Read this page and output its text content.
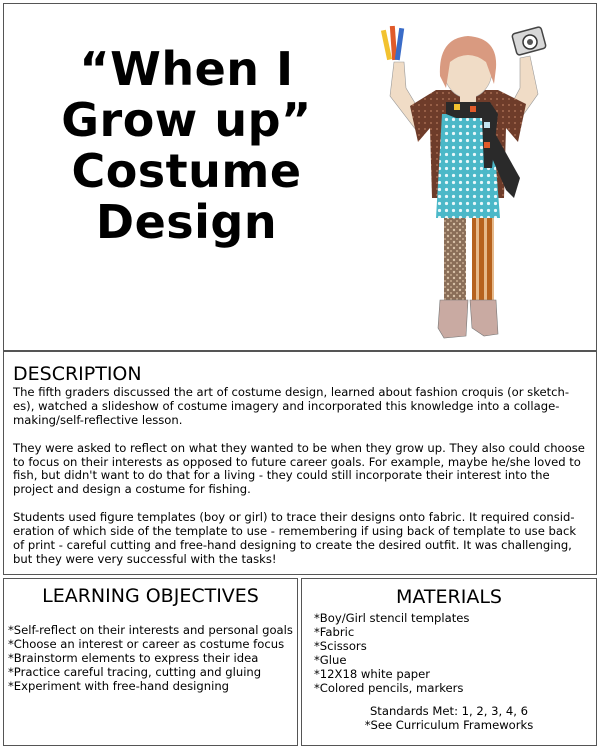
“When I
Grow up”
Costume
Design
DESCRIPTION

The fifth graders discussed the art of costume design, learned about fashion croquis (or sketch-es), watched a slideshow of costume imagery and incorporated this knowledge into a collage-making/self-reflective lesson.

They were asked to reflect on what they wanted to be when they grow up. They also could choose to focus on their interests as opposed to future career goals. For example, maybe he/she loved to fish, but didn't want to do that for a living - they could still incorporate their interest into the project and design a costume for fishing.

Students used figure templates (boy or girl) to trace their designs onto fabric. It required consid-eration of which side of the template to use - remembering if using back of template to use back of print - careful cutting and free-hand designing to create the desired outfit. It was challenging, but they were very successful with the tasks!

LEARNING OBJECTIVES
*Self-reflect on their interests and personal goals
*Choose an interest or career as costume focus
*Brainstorm elements to express their idea
*Practice careful tracing, cutting and gluing
*Experiment with free-hand designing
MATERIALS
*Boy/Girl stencil templates
*Fabric
*Scissors
*Glue
*12X18 white paper
*Colored pencils, markers
Standards Met: 1, 2, 3, 4, 6
*See Curriculum Frameworks
